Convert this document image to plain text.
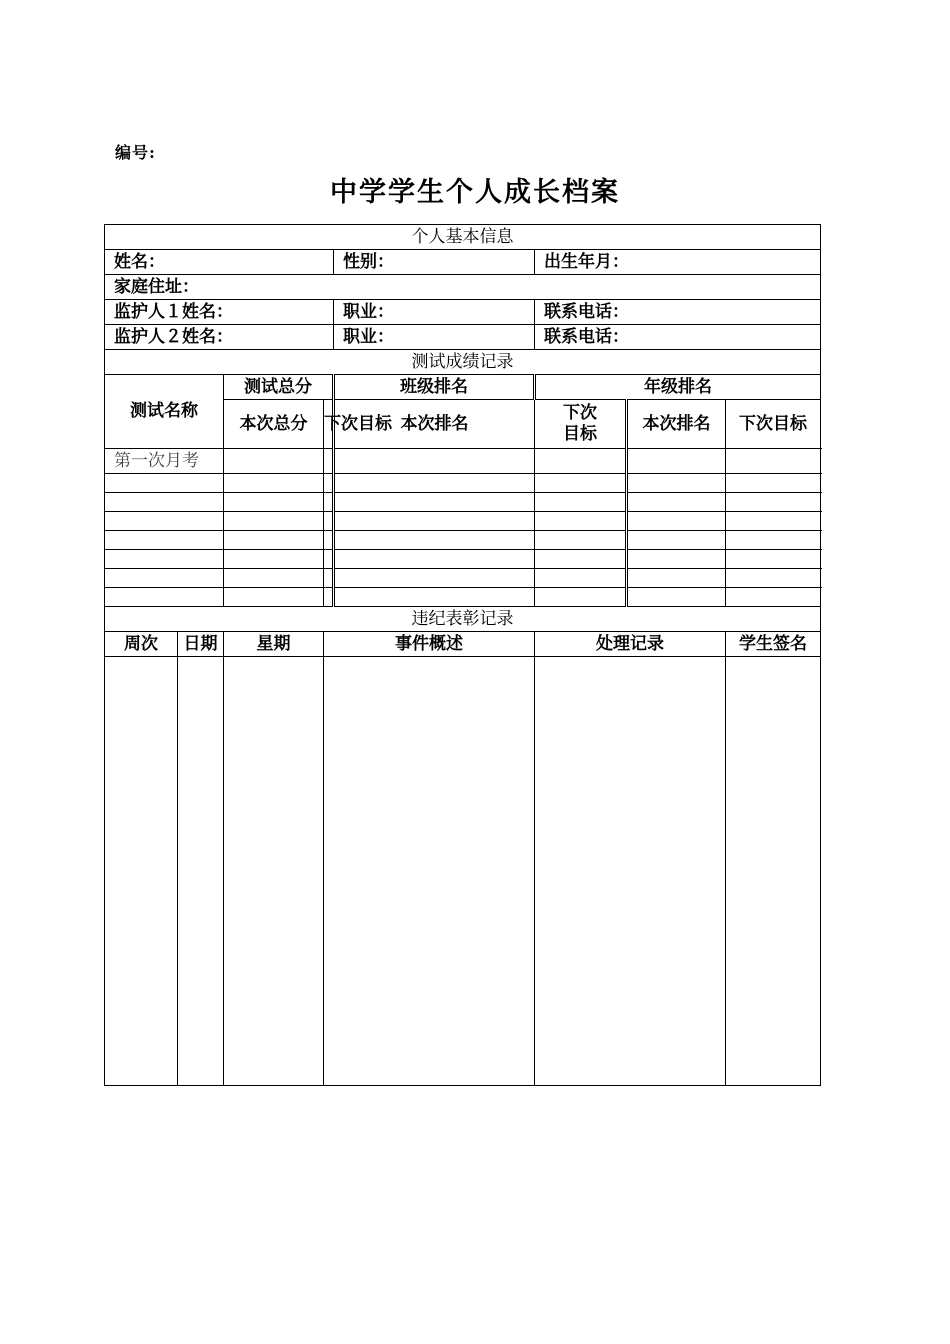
编号:
中学学生个人成长档案
个人基本信息							
姓名：				性别：	出生年月：		
家庭住址：							
监护人１姓名：				职业：	联系电话：		
监护人２姓名：				职业：	联系电话：		
测试成绩记录							
测试名称		测试总分		班级排名	年级排名		
		本次总分	下次目标	本次排名	下次目标	本次排名	下次目标
第一次月考							

违纪表彰记录							
周次	日期	星期	事件概述		处理记录		学生签名
